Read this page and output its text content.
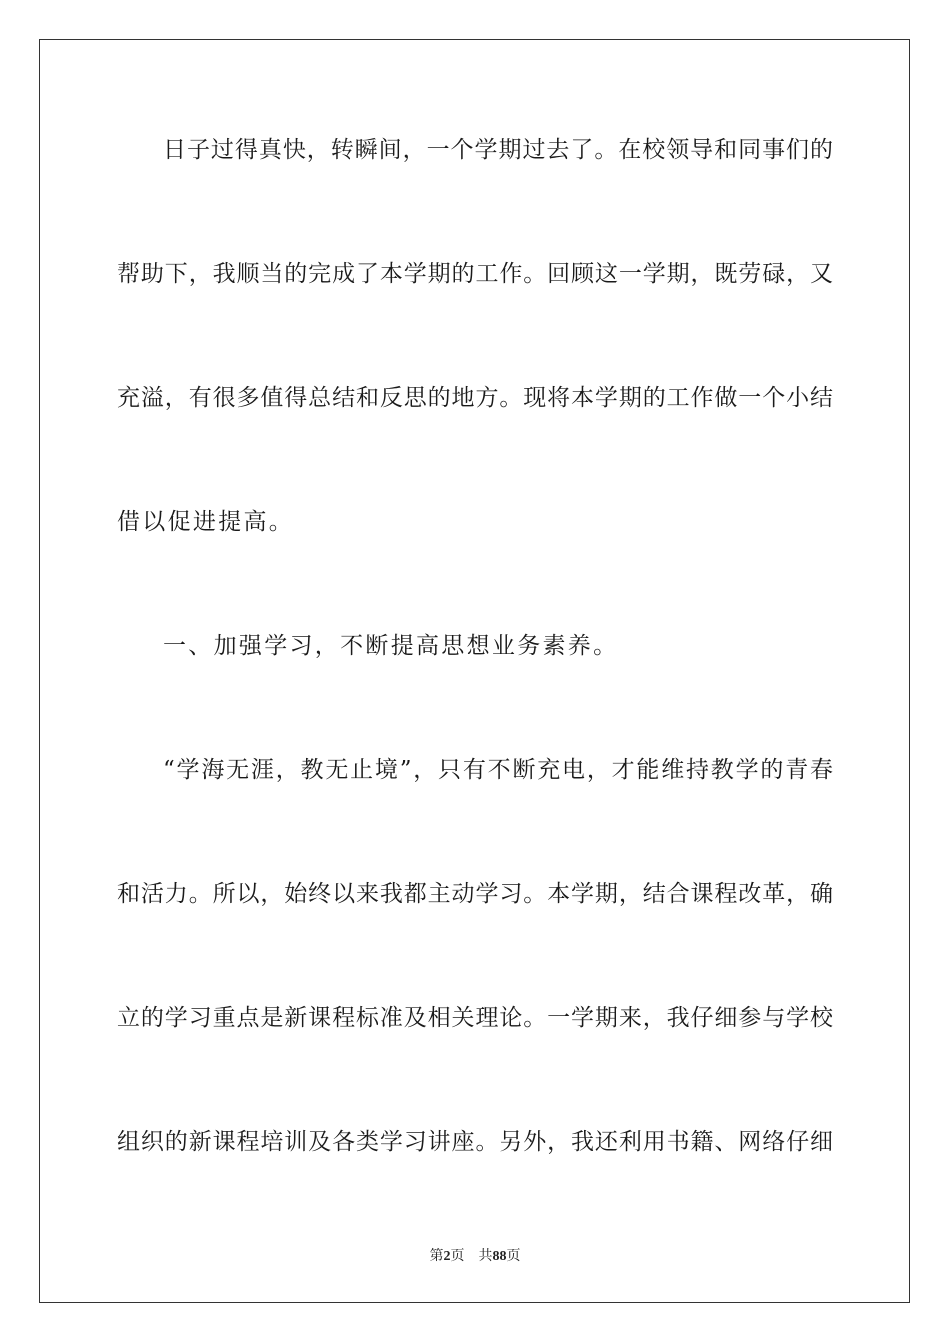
日子过得真快，转瞬间，一个学期过去了。在校领导和同事们的
帮助下，我顺当的完成了本学期的工作。回顾这一学期，既劳碌，又
充溢，有很多值得总结和反思的地方。现将本学期的工作做一个小结
借以促进提高。
一、加强学习，不断提高思想业务素养。
“学海无涯，教无止境”，只有不断充电，才能维持教学的青春
和活力。所以，始终以来我都主动学习。本学期，结合课程改革，确
立的学习重点是新课程标准及相关理论。一学期来，我仔细参与学校
组织的新课程培训及各类学习讲座。另外，我还利用书籍、网络仔细
第2页 共88页
